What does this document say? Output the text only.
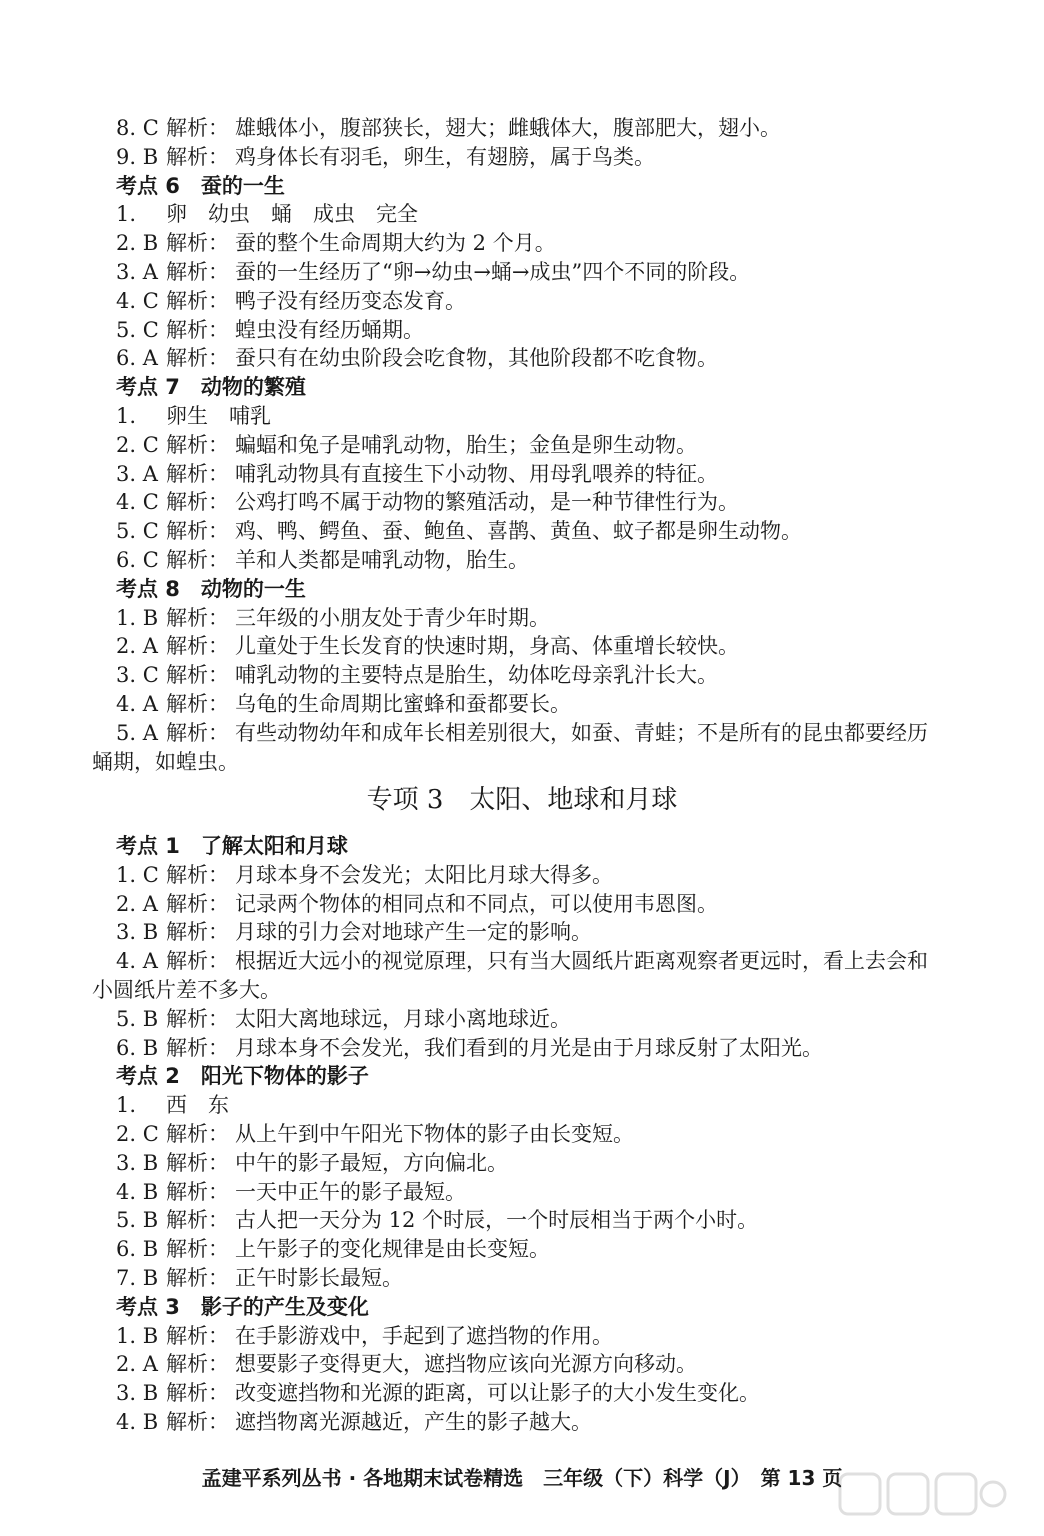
8. C 解析： 雄蛾体小，腹部狭长，翅大；雌蛾体大，腹部肥大，翅小。
9. B 解析： 鸡身体长有羽毛，卵生，有翅膀，属于鸟类。
考点 6　蚕的一生
1. 卵　幼虫　蛹　成虫　完全
2. B 解析： 蚕的整个生命周期大约为 2 个月。
3. A 解析： 蚕的一生经历了“卵→幼虫→蛹→成虫”四个不同的阶段。
4. C 解析： 鸭子没有经历变态发育。
5. C 解析： 蝗虫没有经历蛹期。
6. A 解析： 蚕只有在幼虫阶段会吃食物，其他阶段都不吃食物。
考点 7　动物的繁殖
1. 卵生　哺乳
2. C 解析： 蝙蝠和兔子是哺乳动物，胎生；金鱼是卵生动物。
3. A 解析： 哺乳动物具有直接生下小动物、用母乳喂养的特征。
4. C 解析： 公鸡打鸣不属于动物的繁殖活动，是一种节律性行为。
5. C 解析： 鸡、鸭、鳄鱼、蚕、鲍鱼、喜鹊、黄鱼、蚊子都是卵生动物。
6. C 解析： 羊和人类都是哺乳动物，胎生。
考点 8　动物的一生
1. B 解析： 三年级的小朋友处于青少年时期。
2. A 解析： 儿童处于生长发育的快速时期，身高、体重增长较快。
3. C 解析： 哺乳动物的主要特点是胎生，幼体吃母亲乳汁长大。
4. A 解析： 乌龟的生命周期比蜜蜂和蚕都要长。
5. A 解析： 有些动物幼年和成年长相差别很大，如蚕、青蛙；不是所有的昆虫都要经历
蛹期，如蝗虫。
考点 1　了解太阳和月球
1. C 解析： 月球本身不会发光；太阳比月球大得多。
2. A 解析： 记录两个物体的相同点和不同点，可以使用韦恩图。
3. B 解析： 月球的引力会对地球产生一定的影响。
4. A 解析： 根据近大远小的视觉原理，只有当大圆纸片距离观察者更远时，看上去会和
小圆纸片差不多大。
5. B 解析： 太阳大离地球远，月球小离地球近。
6. B 解析： 月球本身不会发光，我们看到的月光是由于月球反射了太阳光。
考点 2　阳光下物体的影子
1. 西　东
2. C 解析： 从上午到中午阳光下物体的影子由长变短。
3. B 解析： 中午的影子最短，方向偏北。
4. B 解析： 一天中正午的影子最短。
5. B 解析： 古人把一天分为 12 个时辰，一个时辰相当于两个小时。
6. B 解析： 上午影子的变化规律是由长变短。
7. B 解析： 正午时影长最短。
考点 3　影子的产生及变化
1. B 解析： 在手影游戏中，手起到了遮挡物的作用。
2. A 解析： 想要影子变得更大，遮挡物应该向光源方向移动。
3. B 解析： 改变遮挡物和光源的距离，可以让影子的大小发生变化。
4. B 解析： 遮挡物离光源越近，产生的影子越大。
专项 3　太阳、地球和月球
孟建平系列丛书 · 各地期末试卷精选　三年级（下）科学（J）　第 13 页
